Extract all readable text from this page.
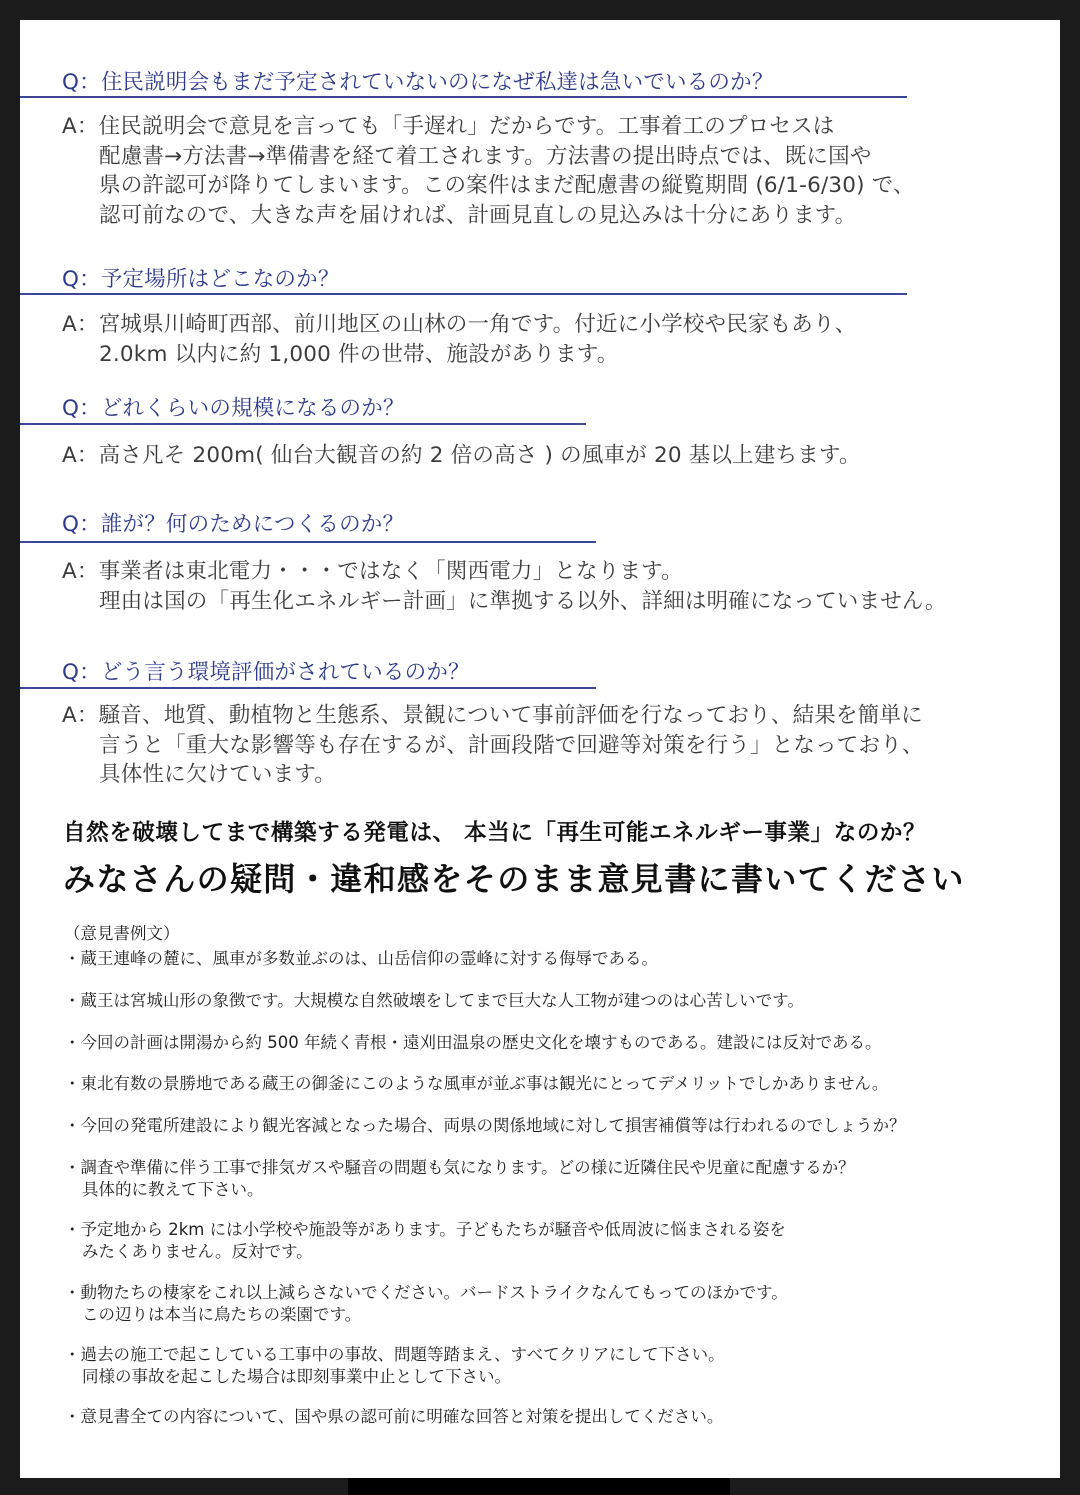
Q：住民説明会もまだ予定されていないのになぜ私達は急いでいるのか？
A：住民説明会で意見を言っても「手遅れ」だからです。工事着工のプロセスは
配慮書→方法書→準備書を経て着工されます。方法書の提出時点では、既に国や
県の許認可が降りてしまいます。この案件はまだ配慮書の縦覧期間 (6/1-6/30) で、
認可前なので、大きな声を届ければ、計画見直しの見込みは十分にあります。
Q：予定場所はどこなのか？
A：宮城県川崎町西部、前川地区の山林の一角です。付近に小学校や民家もあり、
2.0km 以内に約 1,000 件の世帯、施設があります。
Q：どれくらいの規模になるのか？
A：高さ凡そ 200m( 仙台大観音の約 2 倍の高さ ) の風車が 20 基以上建ちます。
Q：誰が？何のためにつくるのか？
A：事業者は東北電力・・・ではなく「関西電力」となります。
理由は国の「再生化エネルギー計画」に準拠する以外、詳細は明確になっていません。
Q：どう言う環境評価がされているのか？
A：騒音、地質、動植物と生態系、景観について事前評価を行なっており、結果を簡単に
言うと「重大な影響等も存在するが、計画段階で回避等対策を行う」となっており、
具体性に欠けています。
自然を破壊してまで構築する発電は、 本当に「再生可能エネルギー事業」なのか？
みなさんの疑問・違和感をそのまま意見書に書いてください
（意見書例文）
・蔵王連峰の麓に、風車が多数並ぶのは、山岳信仰の霊峰に対する侮辱である。
・蔵王は宮城山形の象徴です。大規模な自然破壊をしてまで巨大な人工物が建つのは心苦しいです。
・今回の計画は開湯から約 500 年続く青根・遠刈田温泉の歴史文化を壊すものである。建設には反対である。
・東北有数の景勝地である蔵王の御釜にこのような風車が並ぶ事は観光にとってデメリットでしかありません。
・今回の発電所建設により観光客減となった場合、両県の関係地域に対して損害補償等は行われるのでしょうか？
・調査や準備に伴う工事で排気ガスや騒音の問題も気になります。どの様に近隣住民や児童に配慮するか？
具体的に教えて下さい。
・予定地から 2km には小学校や施設等があります。子どもたちが騒音や低周波に悩まされる姿を
みたくありません。反対です。
・動物たちの棲家をこれ以上減らさないでください。バードストライクなんてもってのほかです。
この辺りは本当に鳥たちの楽園です。
・過去の施工で起こしている工事中の事故、問題等踏まえ、すべてクリアにして下さい。
同様の事故を起こした場合は即刻事業中止として下さい。
・意見書全ての内容について、国や県の認可前に明確な回答と対策を提出してください。
